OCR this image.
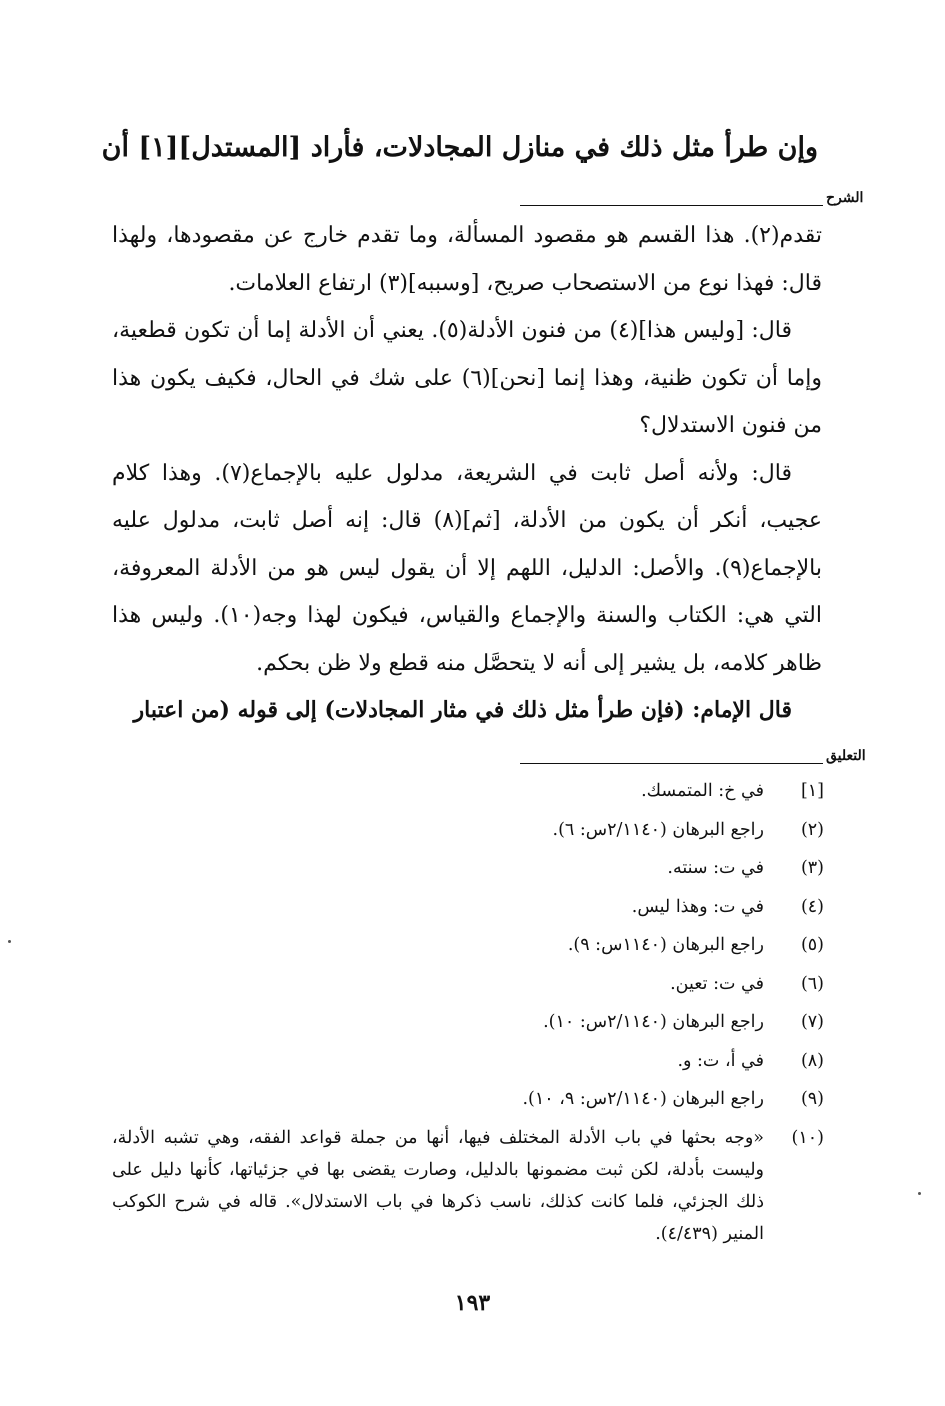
وإن طرأ مثل ذلك في منازل المجادلات، فأراد [المستدل][١] أن
الشرح

تقدم(٢). هذا القسم هو مقصود المسألة، وما تقدم خارج عن مقصودها، ولهذا قال: فهذا نوع من الاستصحاب صريح، [وسببه](٣) ارتفاع العلامات.

قال: [وليس هذا](٤) من فنون الأدلة(٥). يعني أن الأدلة إما أن تكون قطعية، وإما أن تكون ظنية، وهذا إنما [نحن](٦) على شك في الحال، فكيف يكون هذا من فنون الاستدلال؟

قال: ولأنه أصل ثابت في الشريعة، مدلول عليه بالإجماع(٧). وهذا كلام عجيب، أنكر أن يكون من الأدلة، [ثم](٨) قال: إنه أصل ثابت، مدلول عليه بالإجماع(٩). والأصل: الدليل، اللهم إلا أن يقول ليس هو من الأدلة المعروفة، التي هي: الكتاب والسنة والإجماع والقياس، فيكون لهذا وجه(١٠). وليس هذا ظاهر كلامه، بل يشير إلى أنه لا يتحصَّل منه قطع ولا ظن بحكم.

قال الإمام: (فإن طرأ مثل ذلك في مثار المجادلات) إلى قوله (من اعتبار

التعليق
[١]
في خ: المتمسك.
(٢)
راجع البرهان (٢/١١٤٠س: ٦).
(٣)
في ت: سنته.
(٤)
في ت: وهذا ليس.
(٥)
راجع البرهان (١١٤٠س: ٩).
(٦)
في ت: تعين.
(٧)
راجع البرهان (٢/١١٤٠س: ١٠).
(٨)
في أ، ت: و.
(٩)
راجع البرهان (٢/١١٤٠س: ٩، ١٠).
(١٠)
«وجه بحثها في باب الأدلة المختلف فيها، أنها من جملة قواعد الفقه، وهي تشبه الأدلة، وليست بأدلة، لكن ثبت مضمونها بالدليل، وصارت يقضى بها في جزئياتها، كأنها دليل على ذلك الجزئي، فلما كانت كذلك، ناسب ذكرها في باب الاستدلال». قاله في شرح الكوكب المنير (٤/٤٣٩).
١٩٣
